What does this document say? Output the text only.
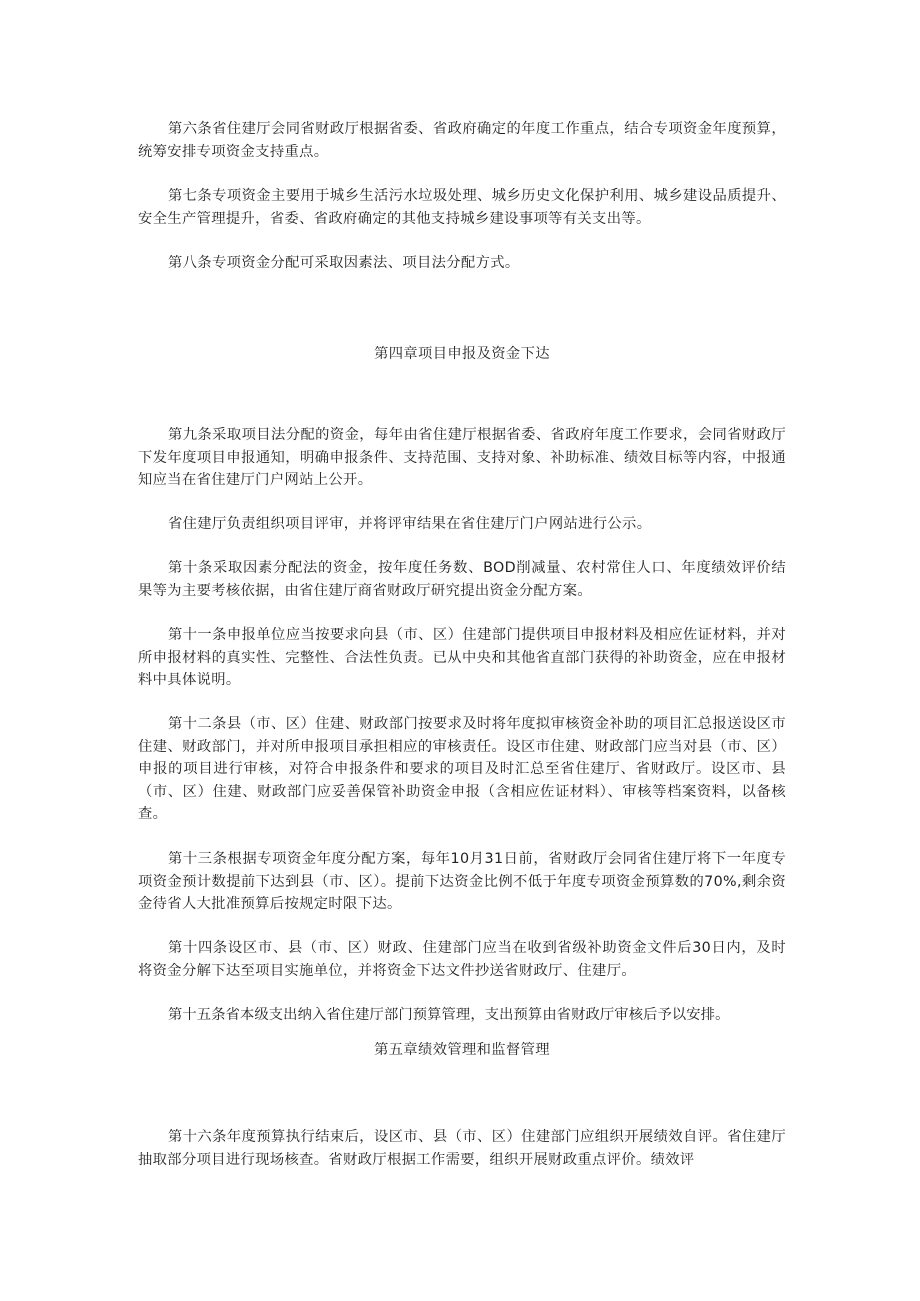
第六条省住建厅会同省财政厅根据省委、省政府确定的年度工作重点，结合专项资金年度预算，统筹安排专项资金支持重点。

第七条专项资金主要用于城乡生活污水垃圾处理、城乡历史文化保护利用、城乡建设品质提升、安全生产管理提升，省委、省政府确定的其他支持城乡建设事项等有关支出等。

第八条专项资金分配可采取因素法、项目法分配方式。

第四章项目申报及资金下达

第九条采取项目法分配的资金，每年由省住建厅根据省委、省政府年度工作要求，会同省财政厅下发年度项目申报通知，明确申报条件、支持范围、支持对象、补助标准、绩效目标等内容，中报通知应当在省住建厅门户网站上公开。

省住建厅负责组织项目评审，并将评审结果在省住建厅门户网站进行公示。

第十条采取因素分配法的资金，按年度任务数、BOD削减量、农村常住人口、年度绩效评价结果等为主要考核依据，由省住建厅商省财政厅研究提出资金分配方案。

第十一条申报单位应当按要求向县（市、区）住建部门提供项目申报材料及相应佐证材料，并对所申报材料的真实性、完整性、合法性负责。已从中央和其他省直部门获得的补助资金，应在申报材料中具体说明。

第十二条县（市、区）住建、财政部门按要求及时将年度拟审核资金补助的项目汇总报送设区市住建、财政部门，并对所申报项目承担相应的审核责任。设区市住建、财政部门应当对县（市、区）申报的项目进行审核，对符合申报条件和要求的项目及时汇总至省住建厅、省财政厅。设区市、县（市、区）住建、财政部门应妥善保管补助资金申报（含相应佐证材料）、审核等档案资料，以备核查。

第十三条根据专项资金年度分配方案，每年10月31日前，省财政厅会同省住建厅将下一年度专项资金预计数提前下达到县（市、区）。提前下达资金比例不低于年度专项资金预算数的70%,剩余资金待省人大批准预算后按规定时限下达。

第十四条设区市、县（市、区）财政、住建部门应当在收到省级补助资金文件后30日内，及时将资金分解下达至项目实施单位，并将资金下达文件抄送省财政厅、住建厅。

第十五条省本级支出纳入省住建厅部门预算管理，支出预算由省财政厅审核后予以安排。

第五章绩效管理和监督管理

第十六条年度预算执行结束后，设区市、县（市、区）住建部门应组织开展绩效自评。省住建厅抽取部分项目进行现场核查。省财政厅根据工作需要，组织开展财政重点评价。绩效评
